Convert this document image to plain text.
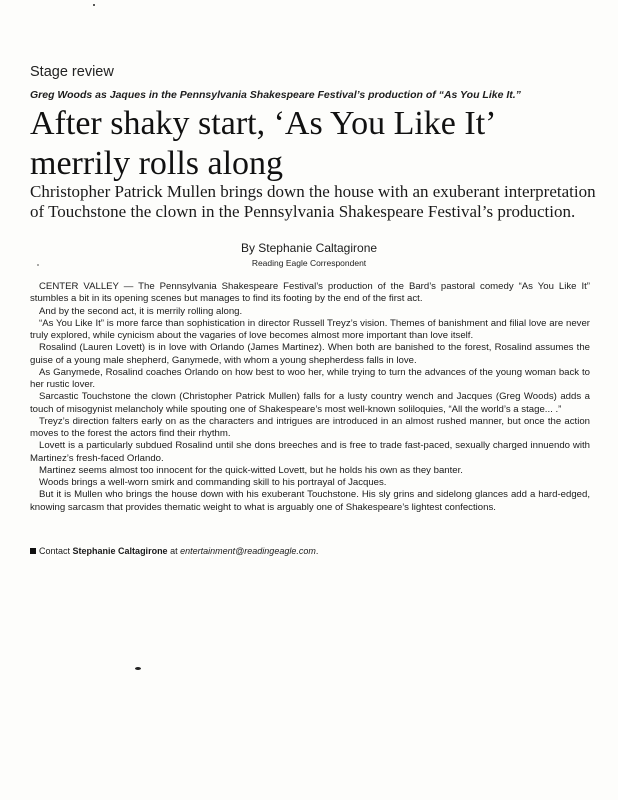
Stage review
Greg Woods as Jaques in the Pennsylvania Shakespeare Festival’s production of “As You Like It.”
After shaky start, ‘As You Like It’ merrily rolls along
Christopher Patrick Mullen brings down the house with an exuberant interpretation of Touchstone the clown in the Pennsylvania Shakespeare Festival’s production.
By Stephanie Caltagirone
Reading Eagle Correspondent

CENTER VALLEY — The Pennsylvania Shakespeare Festival’s production of the Bard’s pastoral comedy “As You Like It” stumbles a bit in its opening scenes but manages to find its footing by the end of the first act.

And by the second act, it is merrily rolling along.

“As You Like It” is more farce than sophistication in director Russell Treyz’s vision. Themes of banishment and filial love are never truly explored, while cynicism about the vagaries of love becomes almost more important than love itself.

Rosalind (Lauren Lovett) is in love with Orlando (James Martinez). When both are banished to the forest, Rosalind assumes the guise of a young male shepherd, Ganymede, with whom a young shepherdess falls in love.

As Ganymede, Rosalind coaches Orlando on how best to woo her, while trying to turn the advances of the young woman back to her rustic lover.

Sarcastic Touchstone the clown (Christopher Patrick Mullen) falls for a lusty country wench and Jacques (Greg Woods) adds a touch of misogynist melancholy while spouting one of Shakespeare’s most well-known soliloquies, “All the world’s a stage... .”

Treyz’s direction falters early on as the characters and intrigues are introduced in an almost rushed manner, but once the action moves to the forest the actors find their rhythm.

Lovett is a particularly subdued Rosalind until she dons breeches and is free to trade fast-paced, sexually charged innuendo with Martinez’s fresh-faced Orlando.

Martinez seems almost too innocent for the quick-witted Lovett, but he holds his own as they banter.

Woods brings a well-worn smirk and commanding skill to his portrayal of Jacques.

But it is Mullen who brings the house down with his exuberant Touchstone. His sly grins and sidelong glances add a hard-edged, knowing sarcasm that provides thematic weight to what is arguably one of Shakespeare’s lightest confections.

Contact Stephanie Caltagirone at entertainment@readingeagle.com.
